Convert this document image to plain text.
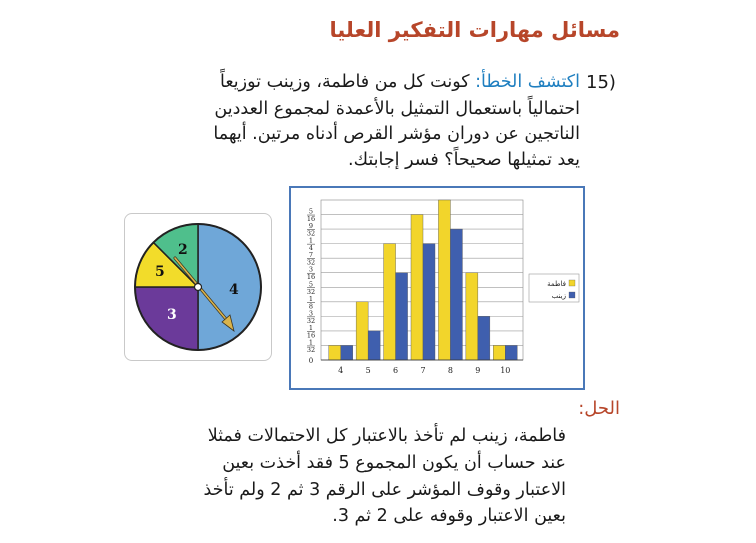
مسائل مهارات التفكير العليا
15)
اكتشف الخطأ: كونت كل من فاطمة، وزينب توزيعاً
احتمالياً باستعمال التمثيل بالأعمدة لمجموع العددين
الناتجين عن دوران مؤشر القرص أدناه مرتين. أيهما
يعد تمثيلها صحيحاً؟ فسر إجابتك.
4
3
5
2
0
1
32
1
16
3
32
1
8
5
32
3
16
7
32
1
4
9
32
5
16
4	5	6	7	8	9 10
فاطمة
زينب
الحل:
فاطمة، زينب لم تأخذ بالاعتبار كل الاحتمالات فمثلا
عند حساب أن يكون المجموع 5 فقد أخذت بعين
الاعتبار وقوف المؤشر على الرقم 3 ثم 2 ولم تأخذ
بعين الاعتبار وقوفه على 2 ثم 3.
